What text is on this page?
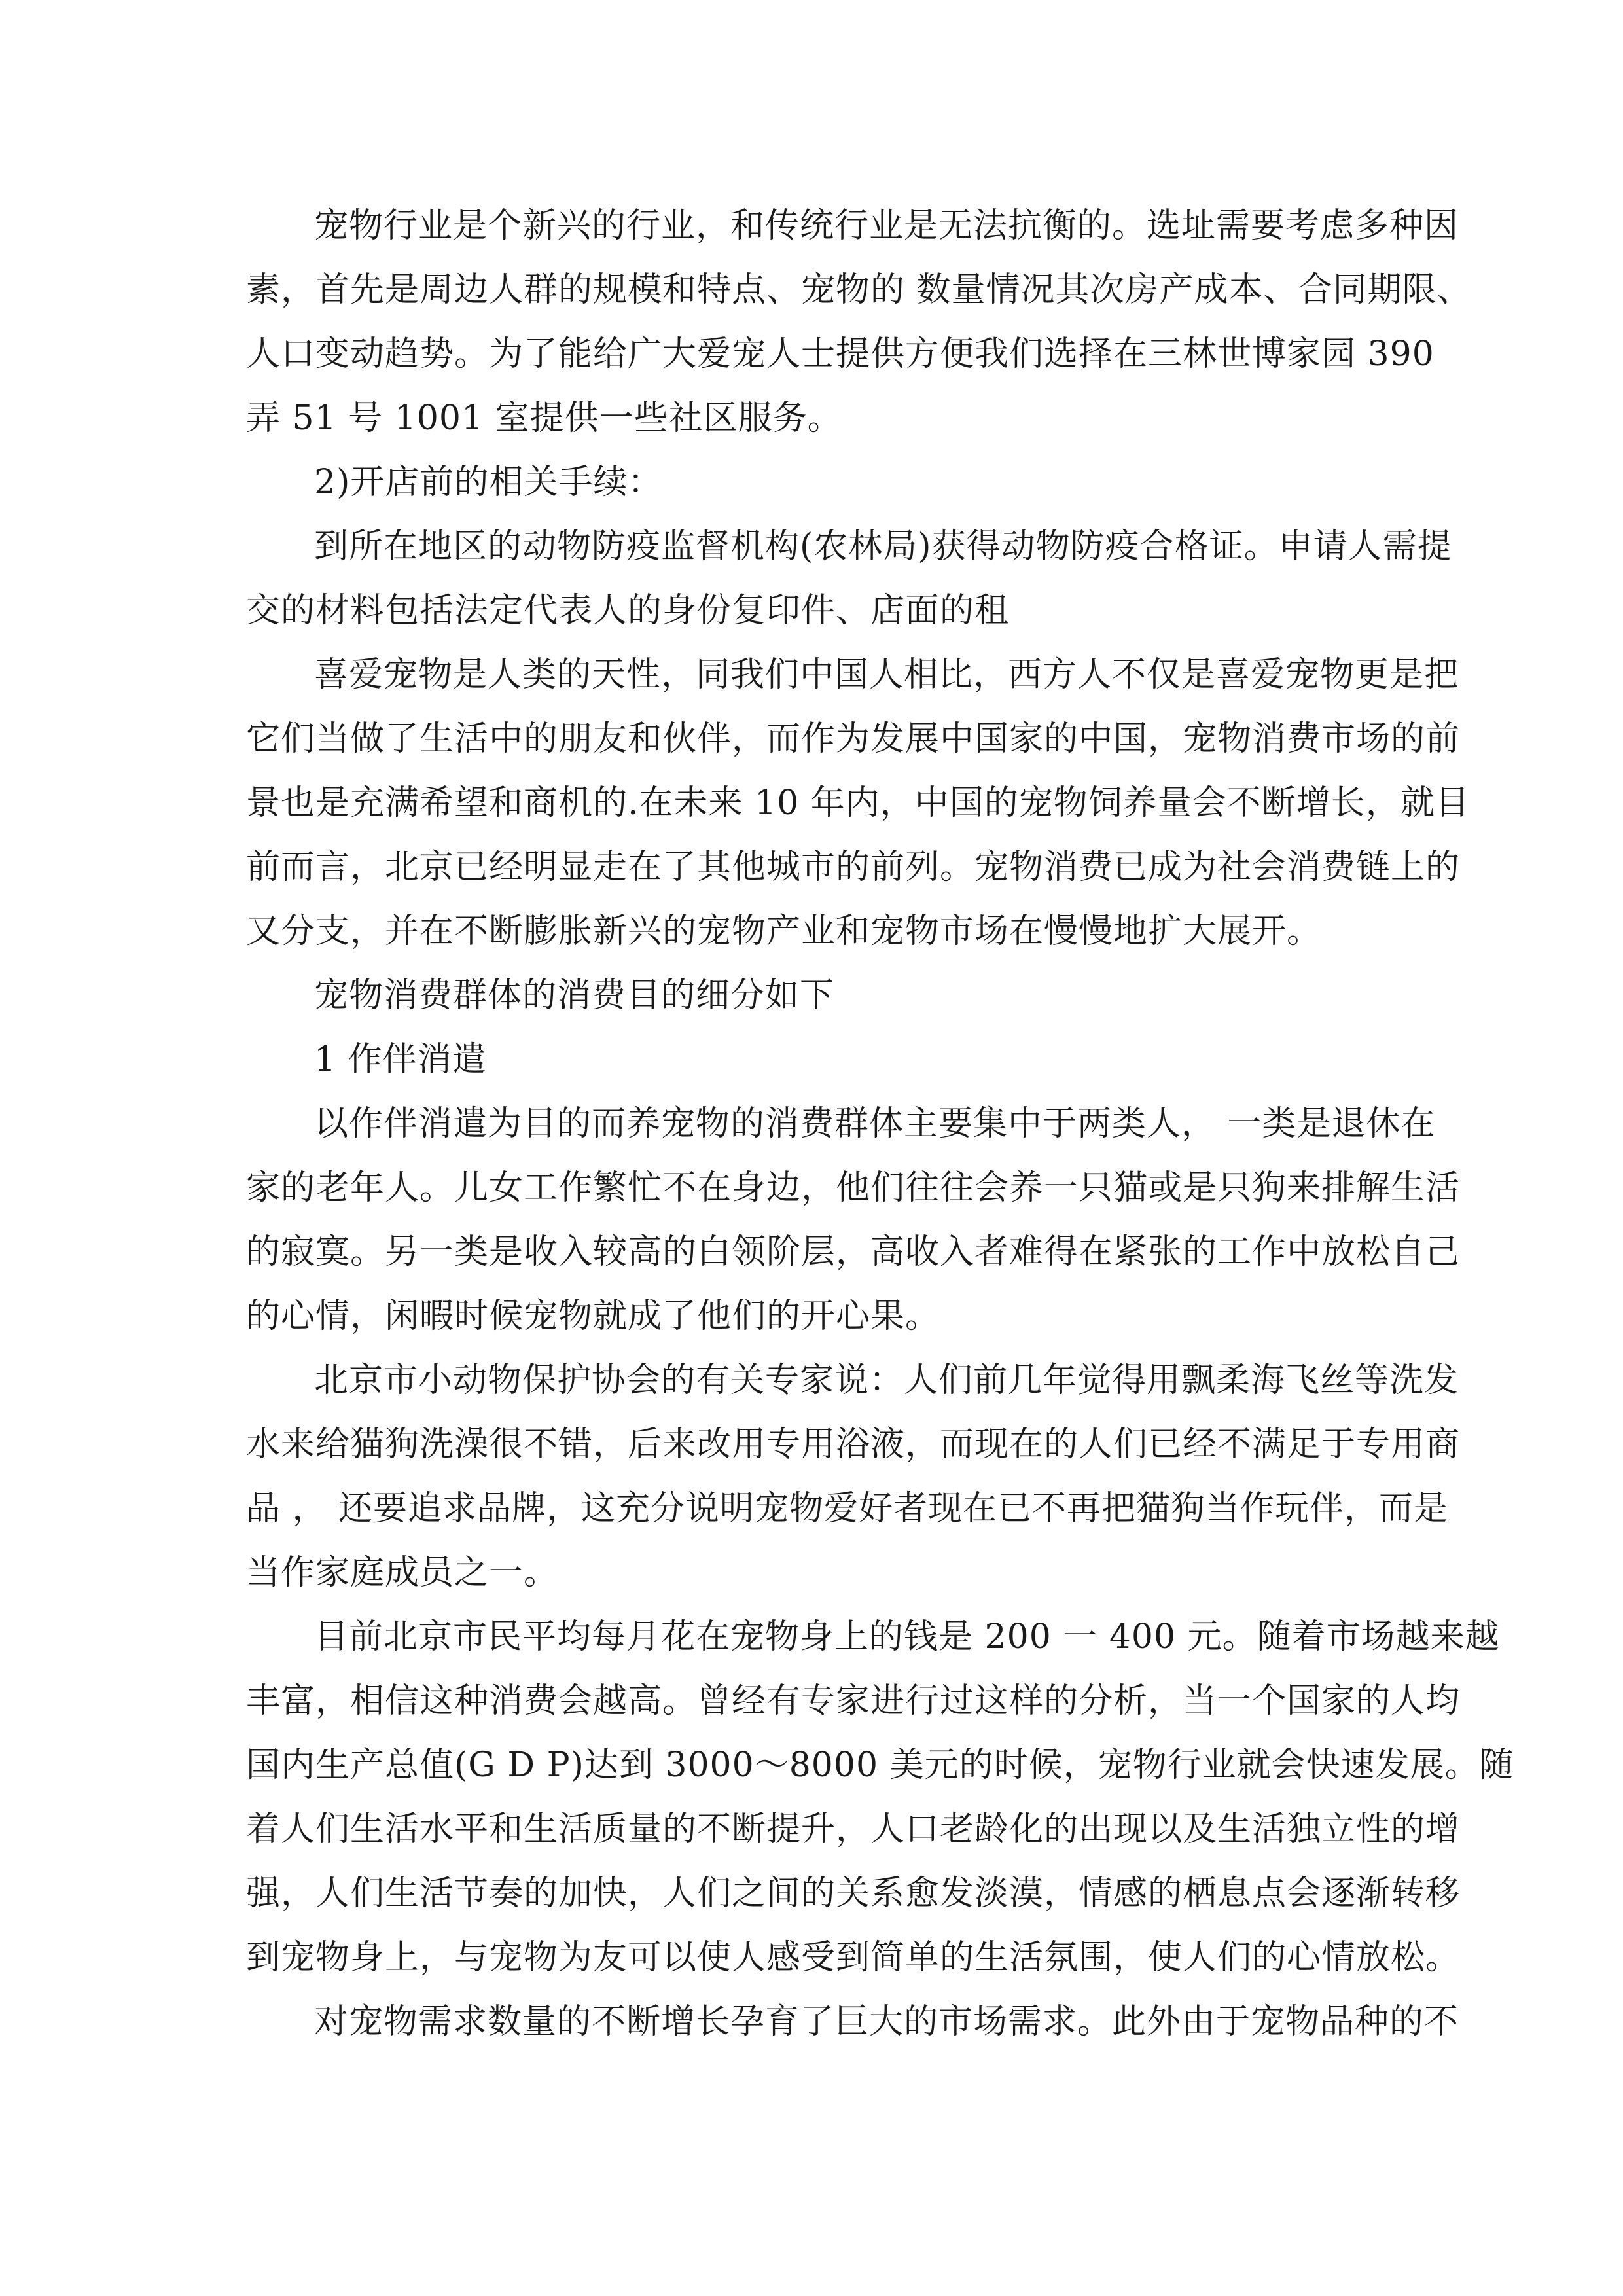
宠物行业是个新兴的行业，和传统行业是无法抗衡的。选址需要考虑多种因
素，首先是周边人群的规模和特点、宠物的 数量情况其次房产成本、合同期限、
人口变动趋势。为了能给广大爱宠人士提供方便我们选择在三林世博家园 390
弄 51 号 1001 室提供一些社区服务。
2)开店前的相关手续：
到所在地区的动物防疫监督机构(农林局)获得动物防疫合格证。申请人需提
交的材料包括法定代表人的身份复印件、店面的租
喜爱宠物是人类的天性，同我们中国人相比，西方人不仅是喜爱宠物更是把
它们当做了生活中的朋友和伙伴，而作为发展中国家的中国，宠物消费市场的前
景也是充满希望和商机的.在未来 10 年内，中国的宠物饲养量会不断增长，就目
前而言，北京已经明显走在了其他城市的前列。宠物消费已成为社会消费链上的
又分支，并在不断膨胀新兴的宠物产业和宠物市场在慢慢地扩大展开。
宠物消费群体的消费目的细分如下
1 作伴消遣
以作伴消遣为目的而养宠物的消费群体主要集中于两类人， 一类是退休在
家的老年人。儿女工作繁忙不在身边，他们往往会养一只猫或是只狗来排解生活
的寂寞。另一类是收入较高的白领阶层，高收入者难得在紧张的工作中放松自己
的心情，闲暇时候宠物就成了他们的开心果。
北京市小动物保护协会的有关专家说：人们前几年觉得用飘柔海飞丝等洗发
水来给猫狗洗澡很不错，后来改用专用浴液，而现在的人们已经不满足于专用商
品 ， 还要追求品牌，这充分说明宠物爱好者现在已不再把猫狗当作玩伴，而是
当作家庭成员之一。
目前北京市民平均每月花在宠物身上的钱是 200 一 400 元。随着市场越来越
丰富，相信这种消费会越高。曾经有专家进行过这样的分析，当一个国家的人均
国内生产总值(G D P)达到 3000～8000 美元的时候，宠物行业就会快速发展。随
着人们生活水平和生活质量的不断提升，人口老龄化的出现以及生活独立性的增
强，人们生活节奏的加快，人们之间的关系愈发淡漠，情感的栖息点会逐渐转移
到宠物身上，与宠物为友可以使人感受到简单的生活氛围，使人们的心情放松。
对宠物需求数量的不断增长孕育了巨大的市场需求。此外由于宠物品种的不
